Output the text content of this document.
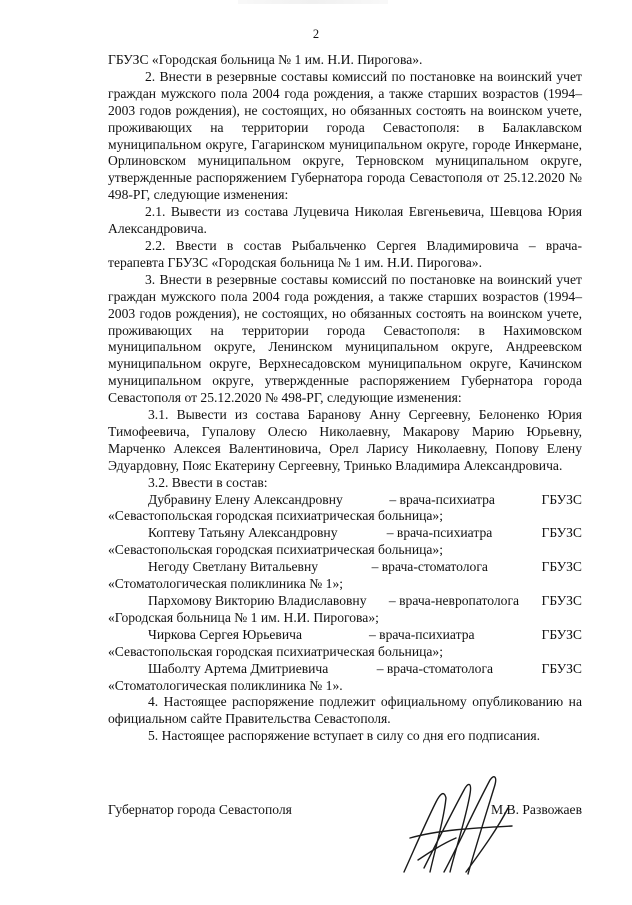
2

ГБУЗС «Городская больница № 1 им. Н.И. Пирогова».

2. Внести в резервные составы комиссий по постановке на воинский учет граждан мужского пола 2004 года рождения, а также старших возрастов (1994–2003 годов рождения), не состоящих, но обязанных состоять на воинском учете, проживающих на территории города Севастополя: в Балаклавском муниципальном округе, Гагаринском муниципальном округе, городе Инкермане, Орлиновском муниципальном округе, Терновском муниципальном округе, утвержденные распоряжением Губернатора города Севастополя от 25.12.2020 № 498-РГ, следующие изменения:

2.1. Вывести из состава Луцевича Николая Евгеньевича, Шевцова Юрия Александровича.

2.2. Ввести в состав Рыбальченко Сергея Владимировича – врача-терапевта ГБУЗС «Городская больница № 1 им. Н.И. Пирогова».

3. Внести в резервные составы комиссий по постановке на воинский учет граждан мужского пола 2004 года рождения, а также старших возрастов (1994–2003 годов рождения), не состоящих, но обязанных состоять на воинском учете, проживающих на территории города Севастополя: в Нахимовском муниципальном округе, Ленинском муниципальном округе, Андреевском муниципальном округе, Верхнесадовском муниципальном округе, Качинском муниципальном округе, утвержденные распоряжением Губернатора города Севастополя от 25.12.2020 № 498-РГ, следующие изменения:

3.1. Вывести из состава Баранову Анну Сергеевну, Белоненко Юрия Тимофеевича, Гупалову Олесю Николаевну, Макарову Марию Юрьевну, Марченко Алексея Валентиновича, Орел Ларису Николаевну, Попову Елену Эдуардовну, Пояс Екатерину Сергеевну, Тринько Владимира Александровича.

3.2. Ввести в состав:

Дубравину Елену Александровну	– врача-психиатра	ГБУЗС
«Севастопольская городская психиатрическая больница»;
Коптеву Татьяну Александровну	– врача-психиатра	ГБУЗС
«Севастопольская городская психиатрическая больница»;
Негоду Светлану Витальевну	– врача-стоматолога	ГБУЗС
«Стоматологическая поликлиника № 1»;
Пархомову Викторию Владиславовну – врача-невропатолога ГБУЗС
«Городская больница № 1 им. Н.И. Пирогова»;
Чиркова Сергея Юрьевича	– врача-психиатра	ГБУЗС
«Севастопольская городская психиатрическая больница»;
Шаболту Артема Дмитриевича	– врача-стоматолога	ГБУЗС
«Стоматологическая поликлиника № 1».

4. Настоящее распоряжение подлежит официальному опубликованию на официальном сайте Правительства Севастополя.

5. Настоящее распоряжение вступает в силу со дня его подписания.

Губернатор города Севастополя	М.В. Развожаев
